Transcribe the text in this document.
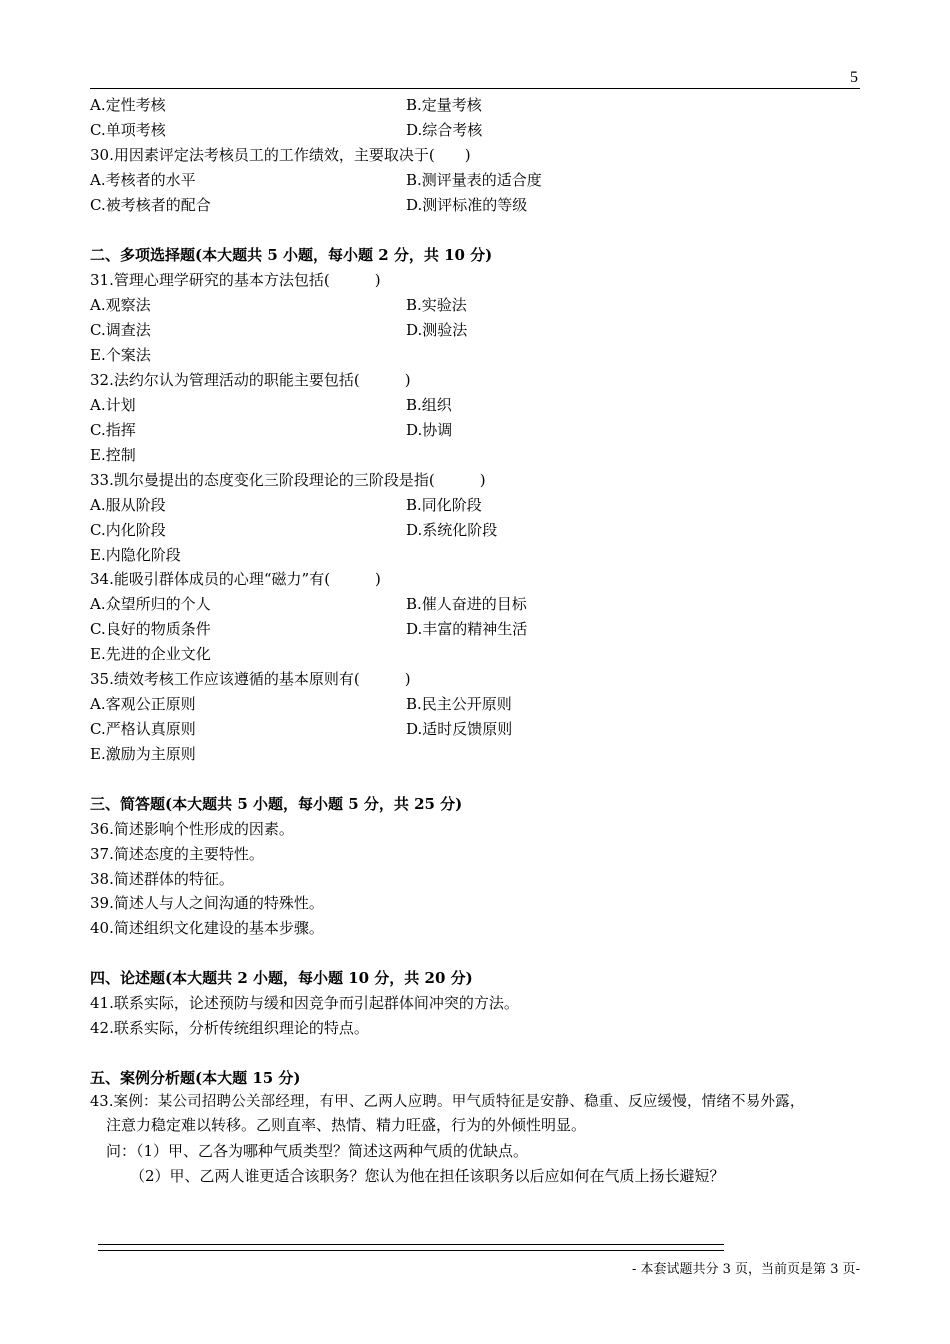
5
A.定性考核	B.定量考核
C.单项考核	D.综合考核
30.用因素评定法考核员工的工作绩效，主要取决于(　　)
A.考核者的水平	B.测评量表的适合度
C.被考核者的配合	D.测评标准的等级
二、多项选择题(本大题共 5 小题，每小题 2 分，共 10 分)
31.管理心理学研究的基本方法包括(　　　)
A.观察法	B.实验法
C.调查法	D.测验法
E.个案法
32.法约尔认为管理活动的职能主要包括(　　　)
A.计划	B.组织
C.指挥	D.协调
E.控制
33.凯尔曼提出的态度变化三阶段理论的三阶段是指(　　　)
A.服从阶段	B.同化阶段
C.内化阶段	D.系统化阶段
E.内隐化阶段
34.能吸引群体成员的心理“磁力”有(　　　)
A.众望所归的个人	B.催人奋进的目标
C.良好的物质条件	D.丰富的精神生活
E.先进的企业文化
35.绩效考核工作应该遵循的基本原则有(　　　)
A.客观公正原则	B.民主公开原则
C.严格认真原则	D.适时反馈原则
E.激励为主原则
三、简答题(本大题共 5 小题，每小题 5 分，共 25 分)
36.简述影响个性形成的因素。
37.简述态度的主要特性。
38.简述群体的特征。
39.简述人与人之间沟通的特殊性。
40.简述组织文化建设的基本步骤。
四、论述题(本大题共 2 小题，每小题 10 分，共 20 分)
41.联系实际，论述预防与缓和因竞争而引起群体间冲突的方法。
42.联系实际，分析传统组织理论的特点。
五、案例分析题(本大题 15 分)
43.案例：某公司招聘公关部经理，有甲、乙两人应聘。甲气质特征是安静、稳重、反应缓慢，情绪不易外露，
注意力稳定难以转移。乙则直率、热情、精力旺盛，行为的外倾性明显。
问：（1）甲、乙各为哪种气质类型？简述这两种气质的优缺点。
（2）甲、乙两人谁更适合该职务？您认为他在担任该职务以后应如何在气质上扬长避短？
- 本套试题共分 3 页，当前页是第 3 页-
